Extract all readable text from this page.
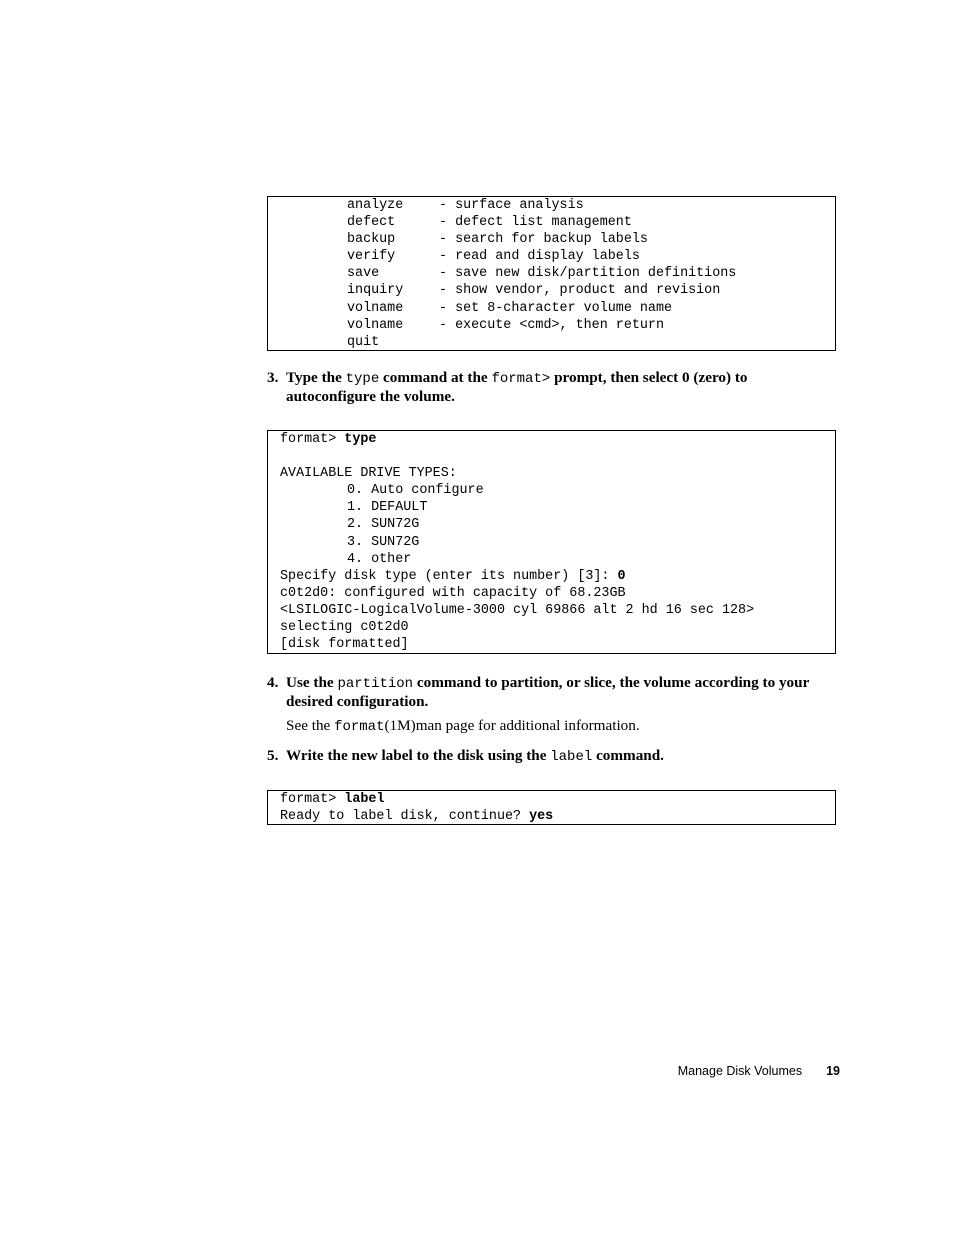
analyze	- surface analysis
defect	- defect list management
backup	- search for backup labels
verify	- read and display labels
save	- save new disk/partition definitions
inquiry	- show vendor, product and revision
volname	- set 8-character volume name
volname	- execute <cmd>, then return
quit
3. Type the type command at the format> prompt, then select 0 (zero) to autoconfigure the volume.
format> type
AVAILABLE DRIVE TYPES:
0. Auto configure
1. DEFAULT
2. SUN72G
3. SUN72G
4. other
Specify disk type (enter its number) [3]: 0
c0t2d0: configured with capacity of 68.23GB
<LSILOGIC-LogicalVolume-3000 cyl 69866 alt 2 hd 16 sec 128>
selecting c0t2d0
[disk formatted]
4. Use the partition command to partition, or slice, the volume according to your desired configuration.
See the format(1M)man page for additional information.
5. Write the new label to the disk using the label command.
format> label
Ready to label disk, continue? yes
Manage Disk Volumes 19
